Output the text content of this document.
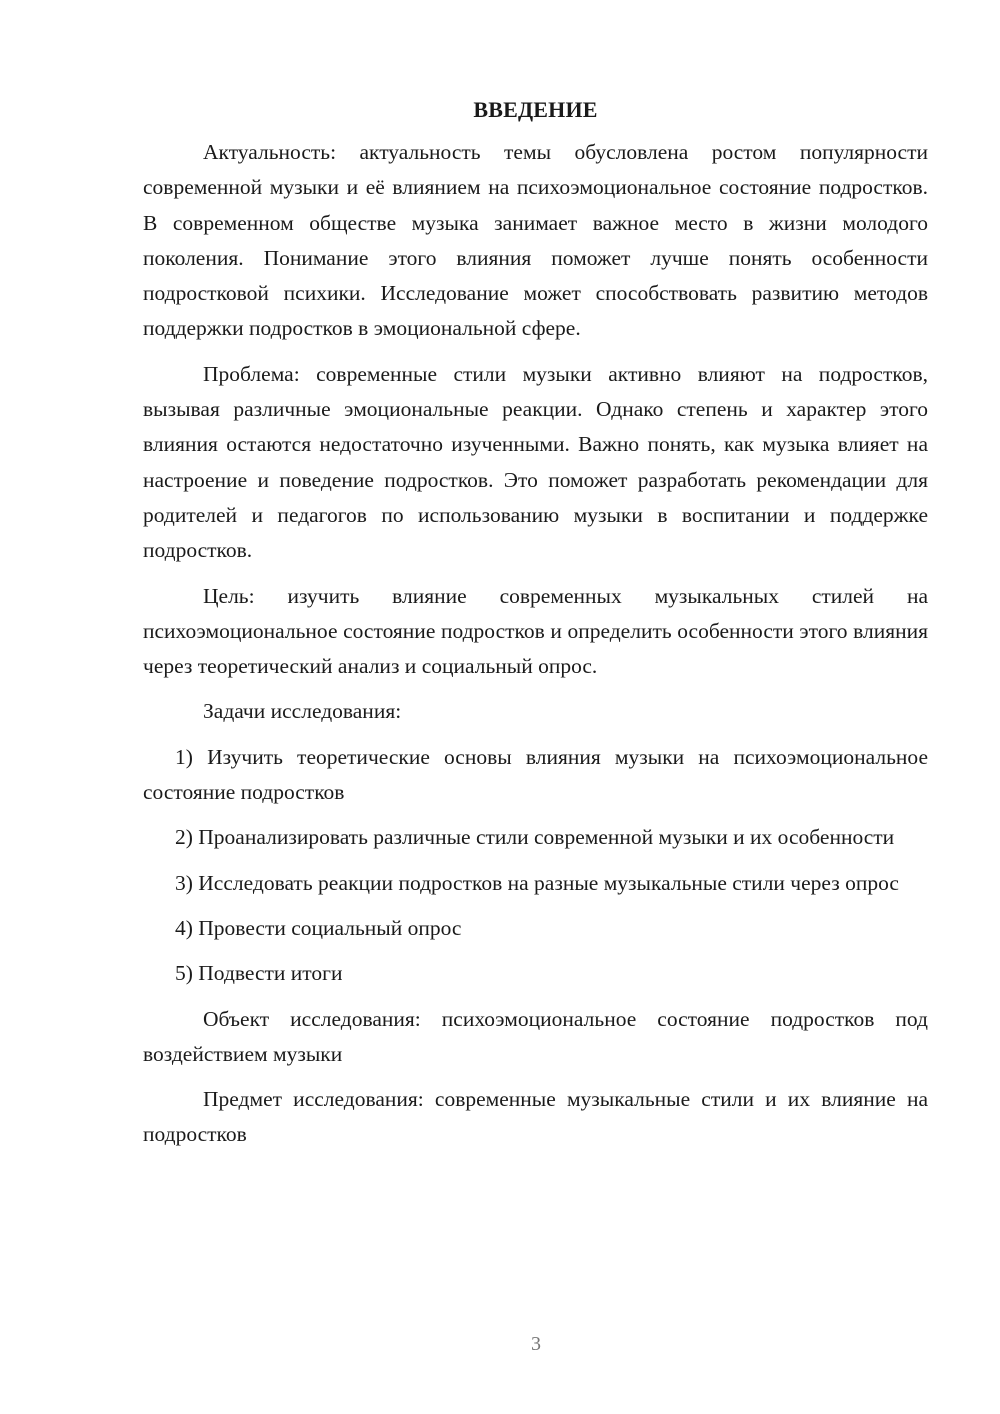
ВВЕДЕНИЕ

Актуальность: актуальность темы обусловлена ростом популярности современной музыки и её влиянием на психоэмоциональное состояние подростков. В современном обществе музыка занимает важное место в жизни молодого поколения. Понимание этого влияния поможет лучше понять особенности подростковой психики. Исследование может способствовать развитию методов поддержки подростков в эмоциональной сфере.

Проблема: современные стили музыки активно влияют на подростков, вызывая различные эмоциональные реакции. Однако степень и характер этого влияния остаются недостаточно изученными. Важно понять, как музыка влияет на настроение и поведение подростков. Это поможет разработать рекомендации для родителей и педагогов по использованию музыки в воспитании и поддержке подростков.

Цель: изучить влияние современных музыкальных стилей на психоэмоциональное состояние подростков и определить особенности этого влияния через теоретический анализ и социальный опрос.

Задачи исследования:

1) Изучить теоретические основы влияния музыки на психоэмоциональное состояние подростков

2) Проанализировать различные стили современной музыки и их особенности

3) Исследовать реакции подростков на разные музыкальные стили через опрос

4) Провести социальный опрос

5) Подвести итоги

Объект исследования: психоэмоциональное состояние подростков под воздействием музыки

Предмет исследования: современные музыкальные стили и их влияние на подростков

3
